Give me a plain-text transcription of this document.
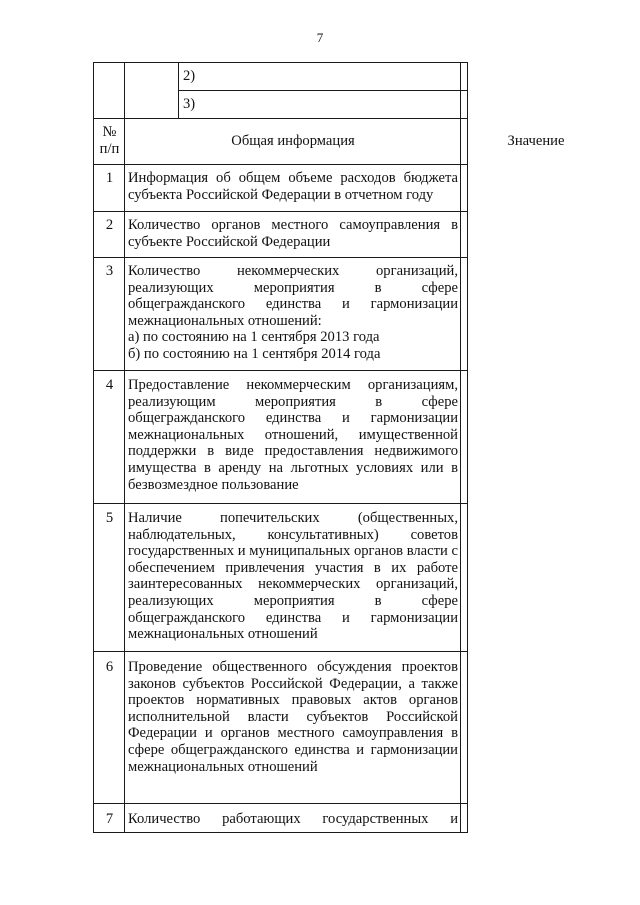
7
2)
3)
№
п/п	Общая информация	Значение
1	Информация об общем объеме расходов бюджета субъекта Российской Федерации в отчетном году
2	Количество органов местного самоуправления в субъекте Российской Федерации
3	Количество некоммерческих организаций, реализующих мероприятия в сфере общегражданского единства и гармонизации межнациональных отношений:
а) по состоянию на 1 сентября 2013 года
б) по состоянию на 1 сентября 2014 года
4	Предоставление некоммерческим организациям, реализующим мероприятия в сфере общегражданского единства и гармонизации межнациональных отношений, имущественной поддержки в виде предоставления недвижимого имущества в аренду на льготных условиях или в безвозмездное пользование
5	Наличие попечительских (общественных, наблюдательных, консультативных) советов государственных и муниципальных органов власти с обеспечением привлечения участия в их работе заинтересованных некоммерческих организаций, реализующих мероприятия в сфере общегражданского единства и гармонизации межнациональных отношений
6	Проведение общественного обсуждения проектов законов субъектов Российской Федерации, а также проектов нормативных правовых актов органов исполнительной власти субъектов Российской Федерации и органов местного самоуправления в сфере общегражданского единства и гармонизации межнациональных отношений
7	Количество работающих государственных и
